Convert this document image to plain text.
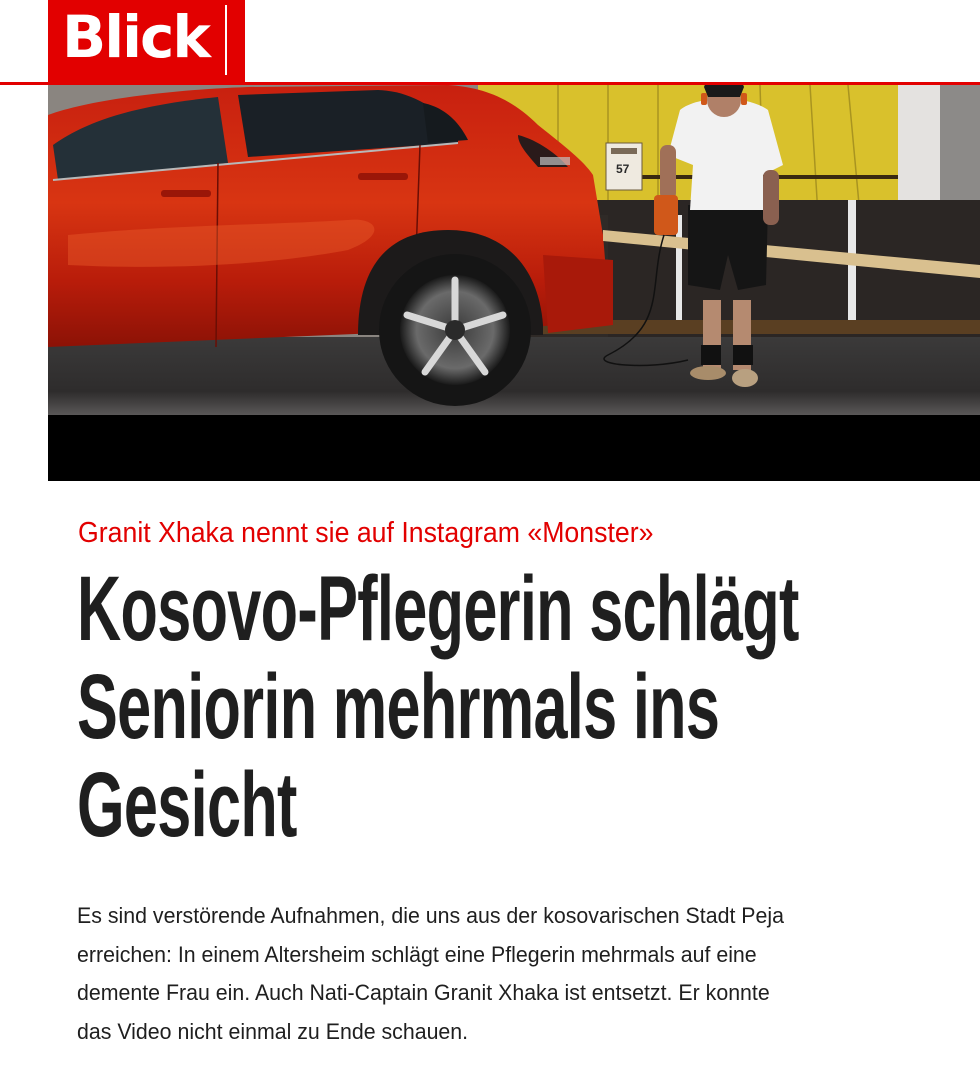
Blick
57
Granit Xhaka nennt sie auf Instagram «Monster»
Kosovo-Pflegerin schlägt
Seniorin mehrmals ins
Gesicht

Es sind verstörende Aufnahmen, die uns aus der kosovarischen Stadt Peja
erreichen: In einem Altersheim schlägt eine Pflegerin mehrmals auf eine
demente Frau ein. Auch Nati-Captain Granit Xhaka ist entsetzt. Er konnte
das Video nicht einmal zu Ende schauen.
